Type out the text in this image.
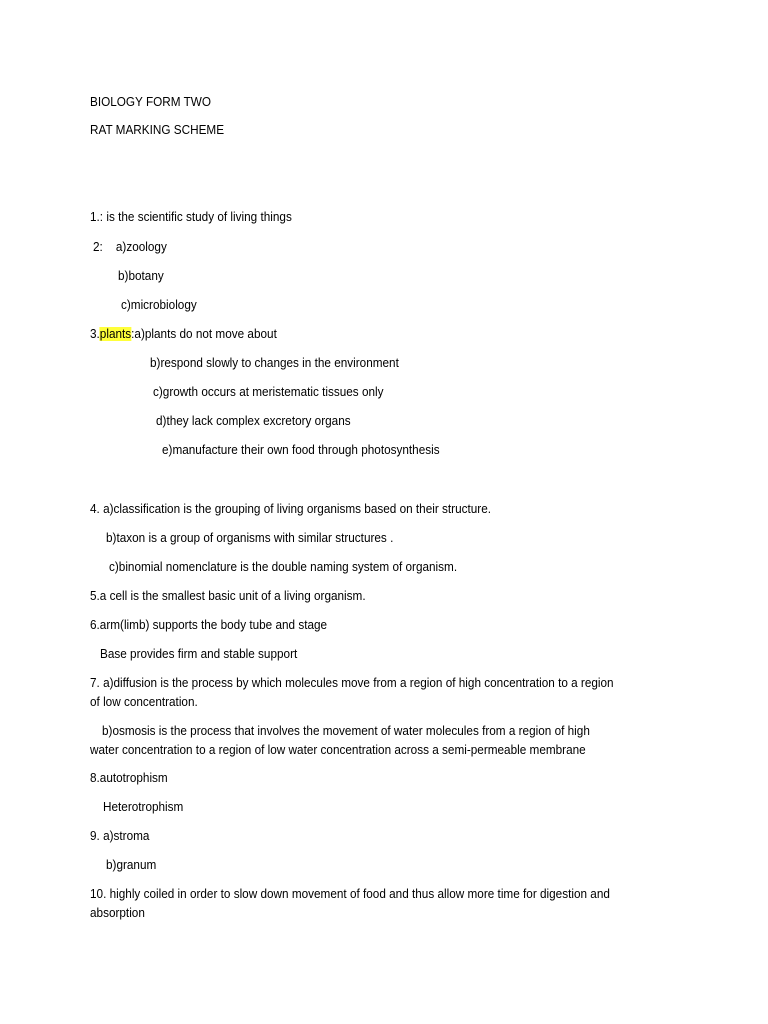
BIOLOGY FORM TWO
RAT MARKING SCHEME
1.: is the scientific study of living things
2: a)zoology
b)botany
c)microbiology
3.plants:a)plants do not move about
b)respond slowly to changes in the environment
c)growth occurs at meristematic tissues only
d)they lack complex excretory organs
e)manufacture their own food through photosynthesis
4. a)classification is the grouping of living organisms based on their structure.
b)taxon is a group of organisms with similar structures .
c)binomial nomenclature is the double naming system of organism.
5.a cell is the smallest basic unit of a living organism.
6.arm(limb) supports the body tube and stage
Base provides firm and stable support
7. a)diffusion is the process by which molecules move from a region of high concentration to a region
of low concentration.
b)osmosis is the process that involves the movement of water molecules from a region of high
water concentration to a region of low water concentration across a semi-permeable membrane
8.autotrophism
Heterotrophism
9. a)stroma
b)granum
10. highly coiled in order to slow down movement of food and thus allow more time for digestion and
absorption
